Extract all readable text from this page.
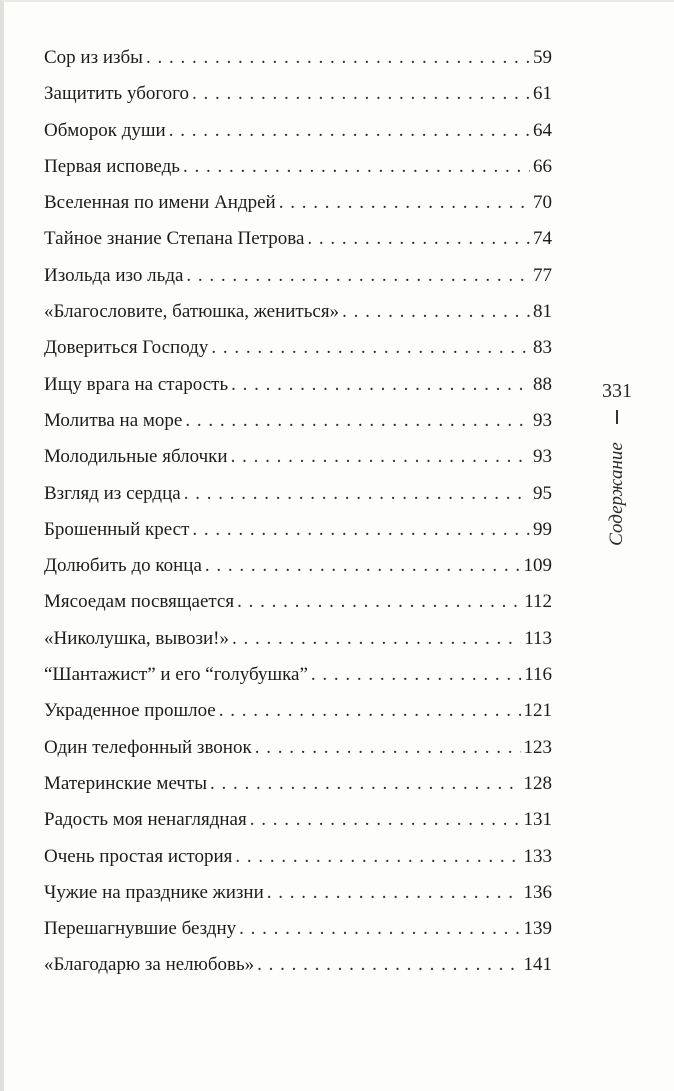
Сор из избы . . .	59
Защитить убогого . . .	61
Обморок души . . .	64
Первая исповедь . . .	66
Вселенная по имени Андрей . . .	70
Тайное знание Степана Петрова . . .	74
Изольда изо льда . . .	77
«Благословите, батюшка, жениться» . . .	81
Довериться Господу . . .	83
Ищу врага на старость . . .	88
Молитва на море . . .	93
Молодильные яблочки . . .	93
Взгляд из сердца . . .	95
Брошенный крест . . .	99
Долюбить до конца . . .	109
Мясоедам посвящается . . .	112
«Николушка, вывози!» . . .	113
“Шантажист” и его “голубушка” . . .	116
Украденное прошлое . . .	121
Один телефонный звонок . . .	123
Материнские мечты . . .	128
Радость моя ненаглядная . . .	131
Очень простая история . . .	133
Чужие на празднике жизни . . .	136
Перешагнувшие бездну . . .	139
«Благодарю за нелюбовь» . . .	141
331
Содержание
